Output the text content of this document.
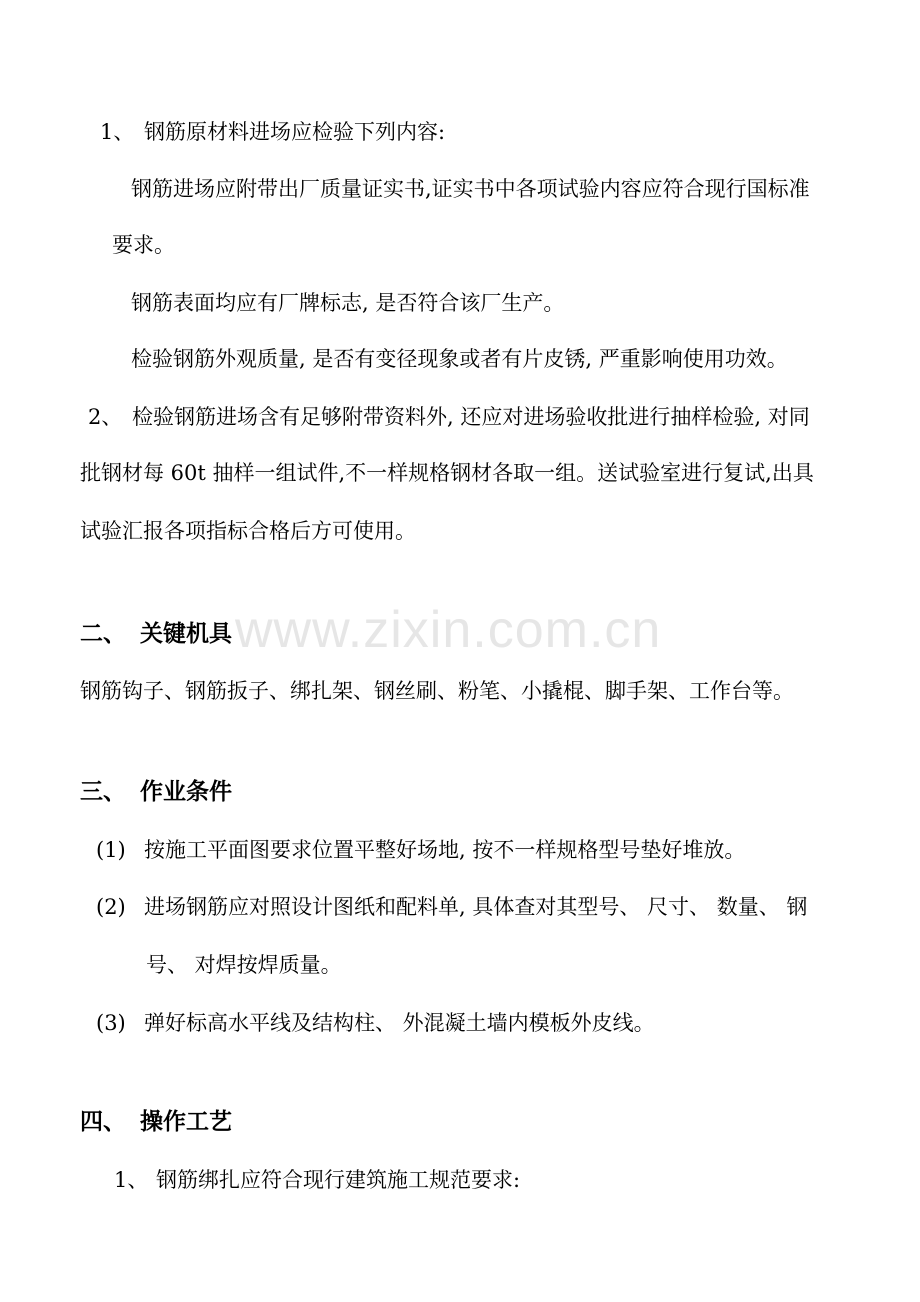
www.zixin.com.cn
1、 钢筋原材料进场应检验下列内容:
钢筋进场应附带出厂质量证实书,证实书中各项试验内容应符合现行国标准
要求。
钢筋表面均应有厂牌标志, 是否符合该厂生产。
检验钢筋外观质量, 是否有变径现象或者有片皮锈, 严重影响使用功效。
2、 检验钢筋进场含有足够附带资料外, 还应对进场验收批进行抽样检验, 对同
批钢材每 60t 抽样一组试件,不一样规格钢材各取一组。送试验室进行复试,出具
试验汇报各项指标合格后方可使用。
二、 关键机具
钢筋钩子、钢筋扳子、绑扎架、钢丝刷、粉笔、小撬棍、脚手架、工作台等。
三、 作业条件
(1) 按施工平面图要求位置平整好场地, 按不一样规格型号垫好堆放。
(2) 进场钢筋应对照设计图纸和配料单, 具体查对其型号、 尺寸、 数量、 钢
号、 对焊按焊质量。
(3) 弹好标高水平线及结构柱、 外混凝土墙内模板外皮线。
四、 操作工艺
1、 钢筋绑扎应符合现行建筑施工规范要求:
